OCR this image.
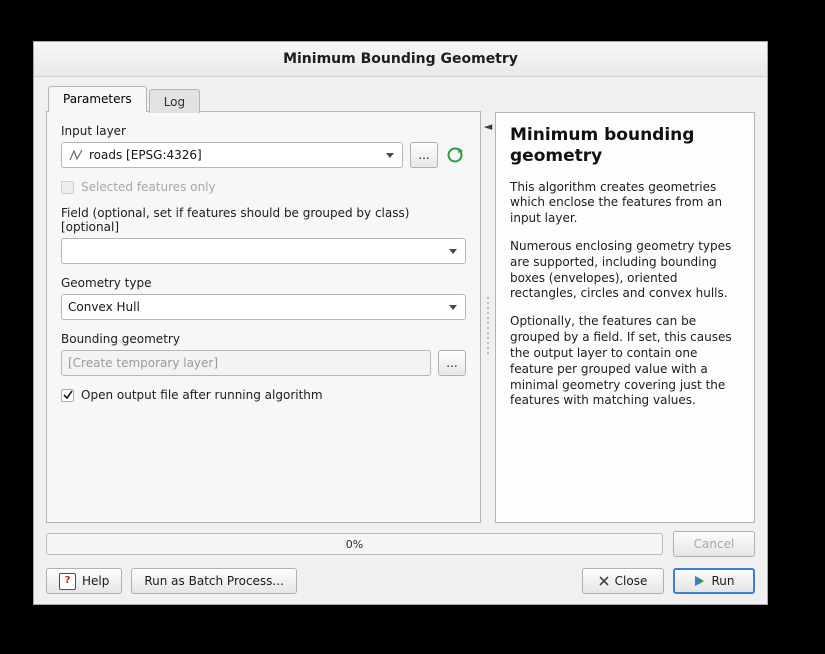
Minimum Bounding Geometry
Parameters	Log
Input layer
roads [EPSG:4326]	...
Selected features only
Field (optional, set if features should be grouped by class) [optional]
Geometry type
Convex Hull
Bounding geometry
[Create temporary layer]	...
Open output file after running algorithm
◄ Minimum bounding geometry

This algorithm creates geometries which enclose the features from an input layer.

Numerous enclosing geometry types are supported, including bounding boxes (envelopes), oriented rectangles, circles and convex hulls.

Optionally, the features can be grouped by a field. If set, this causes the output layer to contain one feature per grouped value with a minimal geometry covering just the features with matching values.

0%	Cancel
? Help	Run as Batch Process...	Close	Run
